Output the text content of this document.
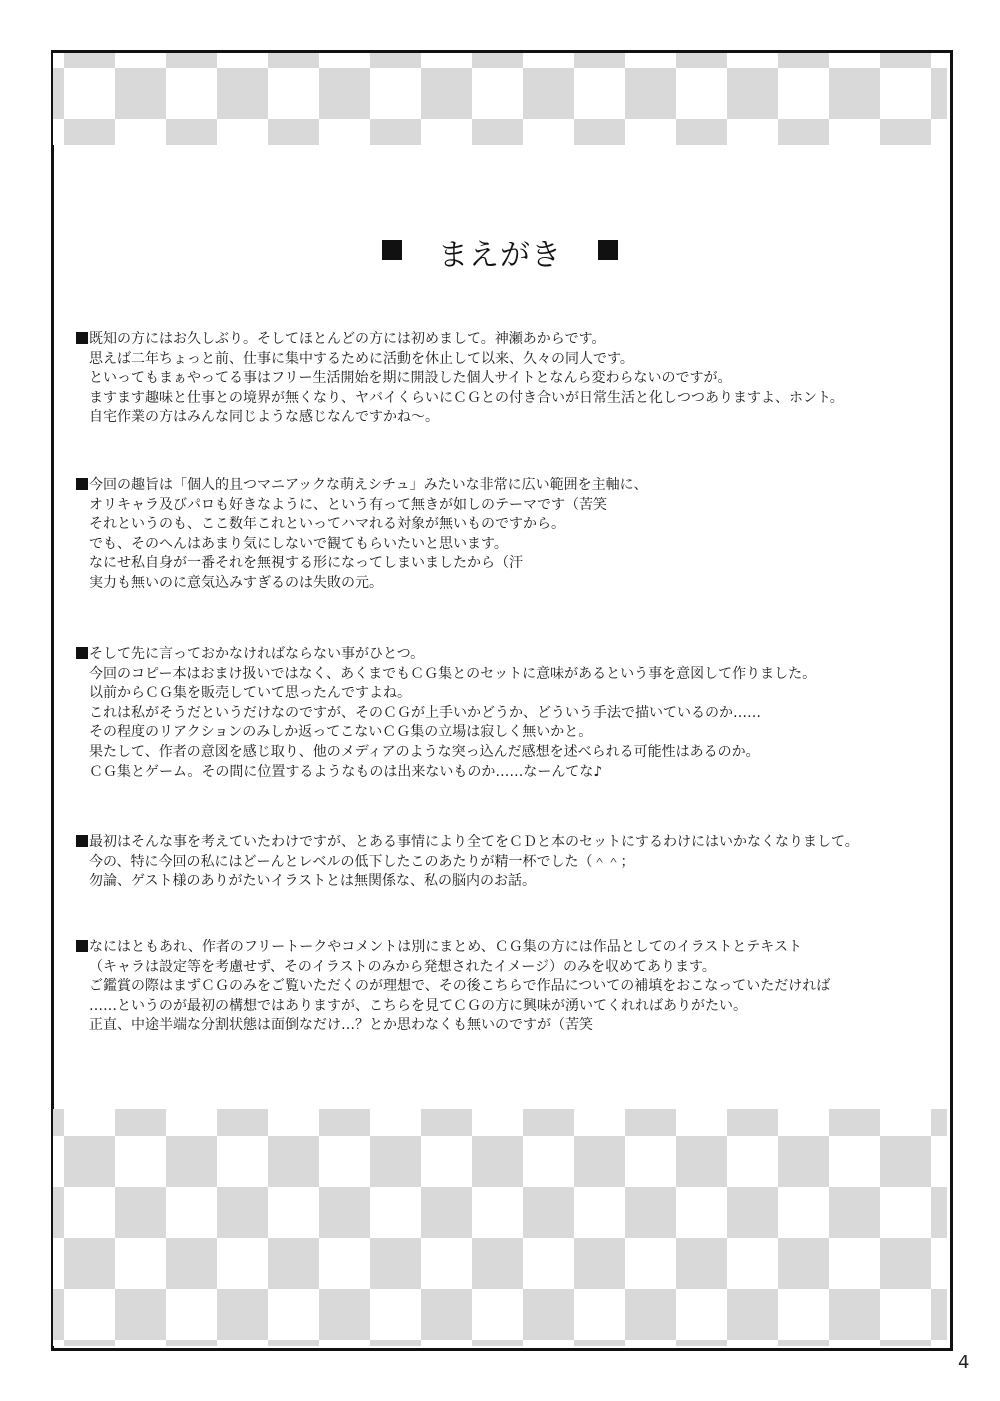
まえがき
既知の方にはお久しぶり。そしてほとんどの方には初めまして。神瀬あからです。
思えば二年ちょっと前、仕事に集中するために活動を休止して以来、久々の同人です。
といってもまぁやってる事はフリー生活開始を期に開設した個人サイトとなんら変わらないのですが。
ますます趣味と仕事との境界が無くなり、ヤバイくらいにＣＧとの付き合いが日常生活と化しつつありますよ、ホント。
自宅作業の方はみんな同じような感じなんですかね～。
今回の趣旨は「個人的且つマニアックな萌えシチュ」みたいな非常に広い範囲を主軸に、
オリキャラ及びパロも好きなように、という有って無きが如しのテーマです（苦笑
それというのも、ここ数年これといってハマれる対象が無いものですから。
でも、そのへんはあまり気にしないで観てもらいたいと思います。
なにせ私自身が一番それを無視する形になってしまいましたから（汗
実力も無いのに意気込みすぎるのは失敗の元。
そして先に言っておかなければならない事がひとつ。
今回のコピー本はおまけ扱いではなく、あくまでもＣＧ集とのセットに意味があるという事を意図して作りました。
以前からＣＧ集を販売していて思ったんですよね。
これは私がそうだというだけなのですが、そのＣＧが上手いかどうか、どういう手法で描いているのか……
その程度のリアクションのみしか返ってこないＣＧ集の立場は寂しく無いかと。
果たして、作者の意図を感じ取り、他のメディアのような突っ込んだ感想を述べられる可能性はあるのか。
ＣＧ集とゲーム。その間に位置するようなものは出来ないものか……なーんてな♪
最初はそんな事を考えていたわけですが、とある事情により全てをＣＤと本のセットにするわけにはいかなくなりまして。
今の、特に今回の私にはどーんとレベルの低下したこのあたりが精一杯でした（＾＾；
勿論、ゲスト様のありがたいイラストとは無関係な、私の脳内のお話。
なにはともあれ、作者のフリートークやコメントは別にまとめ、ＣＧ集の方には作品としてのイラストとテキスト
（キャラは設定等を考慮せず、そのイラストのみから発想されたイメージ）のみを収めてあります。
ご鑑賞の際はまずＣＧのみをご覧いただくのが理想で、その後こちらで作品についての補填をおこなっていただければ
……というのが最初の構想ではありますが、こちらを見てＣＧの方に興味が湧いてくれればありがたい。
正直、中途半端な分割状態は面倒なだけ…？とか思わなくも無いのですが（苦笑
4
